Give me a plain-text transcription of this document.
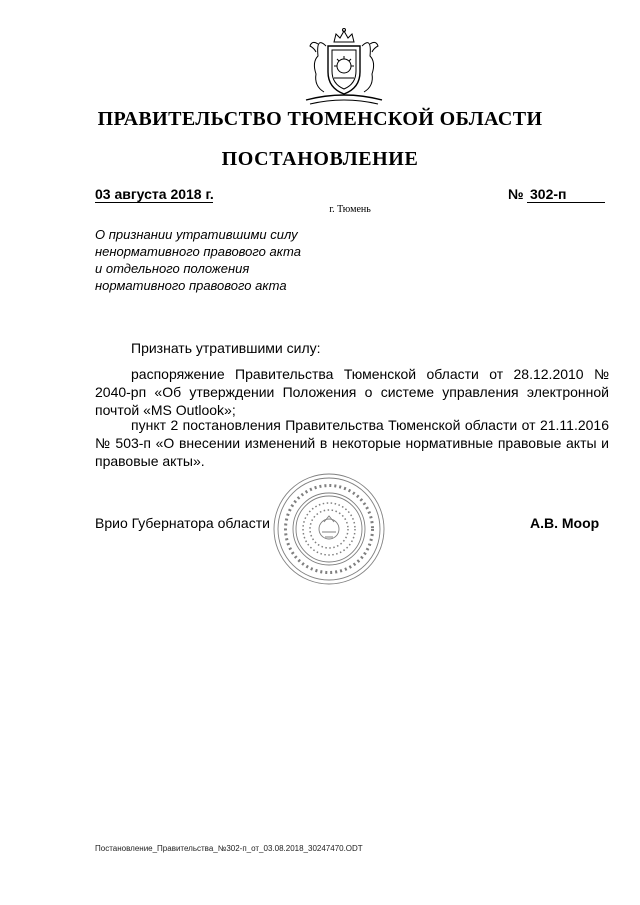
ПРАВИТЕЛЬСТВО ТЮМЕНСКОЙ ОБЛАСТИ
ПОСТАНОВЛЕНИЕ
03 августа 2018 г.	№ 302-п
г. Тюмень
О признании утратившими силу
ненормативного правового акта
и отдельного положения
нормативного правового акта
Признать утратившими силу:
распоряжение Правительства Тюменской области от 28.12.2010 № 2040-рп «Об утверждении Положения о системе управления электронной почтой «MS Outlook»;
пункт 2 постановления Правительства Тюменской области от 21.11.2016 № 503-п «О внесении изменений в некоторые нормативные правовые акты и правовые акты».
Врио Губернатора области	А.В. Моор
Постановление_Правительства_№302-п_от_03.08.2018_30247470.ODT
